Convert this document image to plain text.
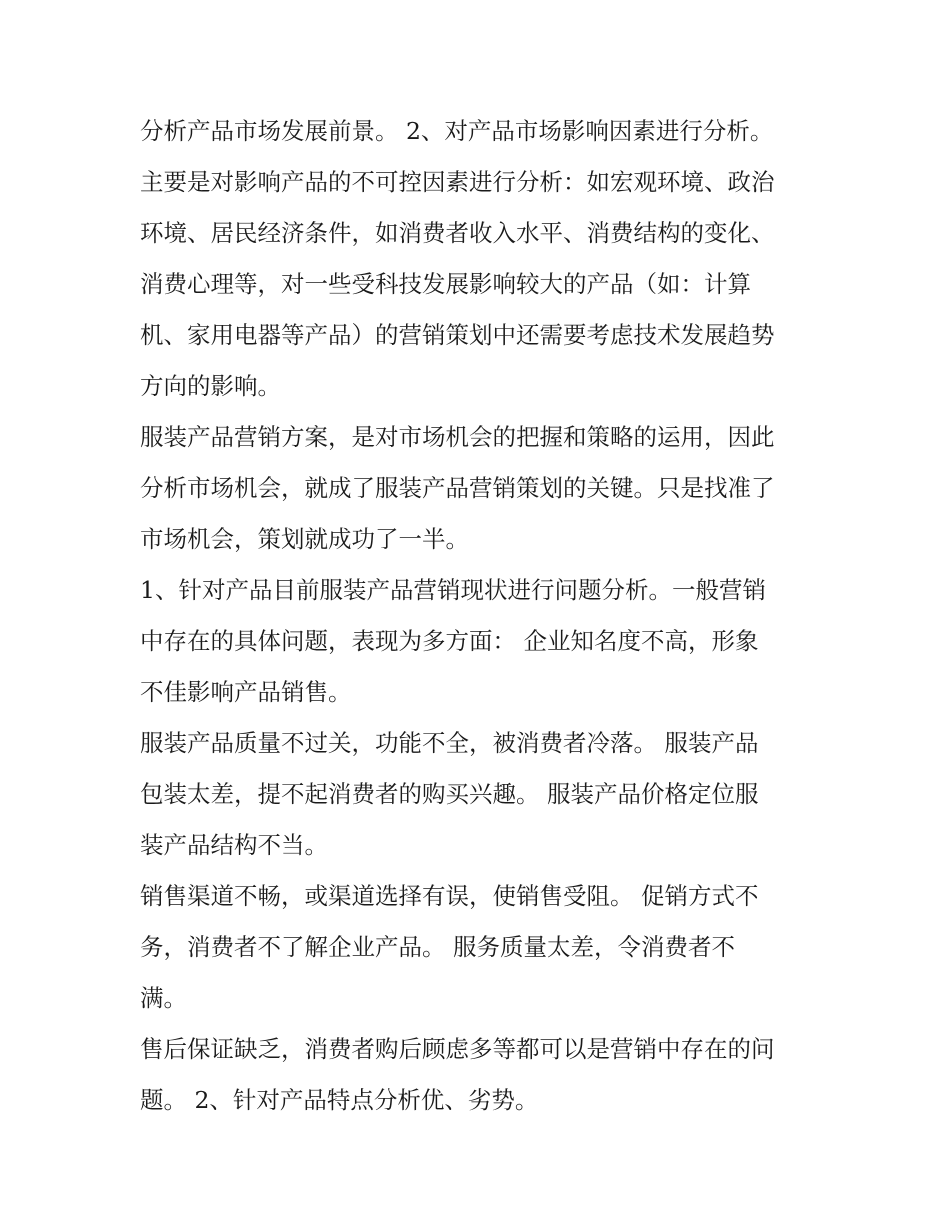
分析产品市场发展前景。 2、对产品市场影响因素进行分析。
主要是对影响产品的不可控因素进行分析：如宏观环境、政治
环境、居民经济条件，如消费者收入水平、消费结构的变化、
消费心理等，对一些受科技发展影响较大的产品（如：计算
机、家用电器等产品）的营销策划中还需要考虑技术发展趋势
方向的影响。
服装产品营销方案，是对市场机会的把握和策略的运用，因此
分析市场机会，就成了服装产品营销策划的关键。只是找准了
市场机会，策划就成功了一半。
1、针对产品目前服装产品营销现状进行问题分析。一般营销
中存在的具体问题，表现为多方面： 企业知名度不高，形象
不佳影响产品销售。
服装产品质量不过关，功能不全，被消费者冷落。 服装产品
包装太差，提不起消费者的购买兴趣。 服装产品价格定位服
装产品结构不当。
销售渠道不畅，或渠道选择有误，使销售受阻。 促销方式不
务，消费者不了解企业产品。 服务质量太差，令消费者不
满。
售后保证缺乏，消费者购后顾虑多等都可以是营销中存在的问
题。 2、针对产品特点分析优、劣势。
